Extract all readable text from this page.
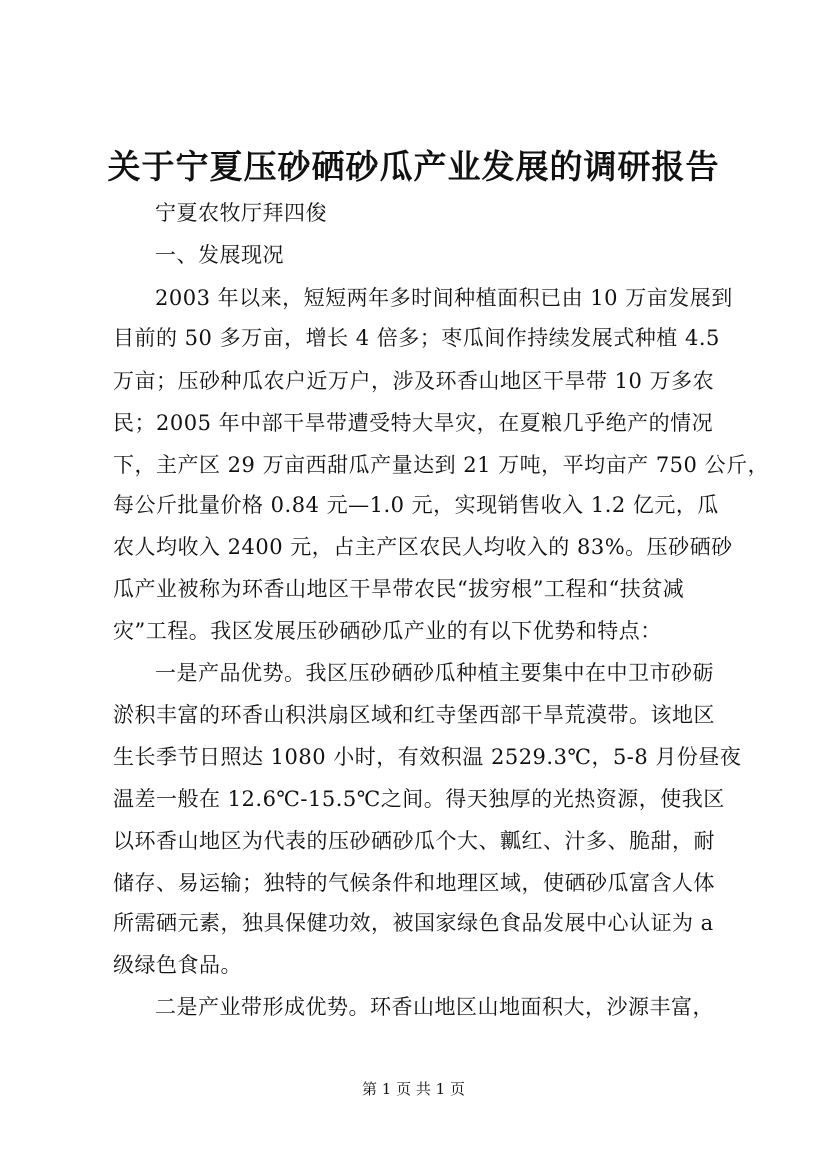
关于宁夏压砂硒砂瓜产业发展的调研报告
宁夏农牧厅拜四俊
一、发展现况
2003 年以来，短短两年多时间种植面积已由 10 万亩发展到
目前的 50 多万亩，增长 4 倍多；枣瓜间作持续发展式种植 4.5
万亩；压砂种瓜农户近万户，涉及环香山地区干旱带 10 万多农
民；2005 年中部干旱带遭受特大旱灾，在夏粮几乎绝产的情况
下，主产区 29 万亩西甜瓜产量达到 21 万吨，平均亩产 750 公斤，
每公斤批量价格 0.84 元—1.0 元，实现销售收入 1.2 亿元，瓜
农人均收入 2400 元，占主产区农民人均收入的 83%。压砂硒砂
瓜产业被称为环香山地区干旱带农民“拔穷根”工程和“扶贫减
灾”工程。我区发展压砂硒砂瓜产业的有以下优势和特点：
一是产品优势。我区压砂硒砂瓜种植主要集中在中卫市砂砺
淤积丰富的环香山积洪扇区域和红寺堡西部干旱荒漠带。该地区
生长季节日照达 1080 小时，有效积温 2529.3℃，5-8 月份昼夜
温差一般在 12.6℃-15.5℃之间。得天独厚的光热资源，使我区
以环香山地区为代表的压砂硒砂瓜个大、瓤红、汁多、脆甜，耐
储存、易运输；独特的气候条件和地理区域，使硒砂瓜富含人体
所需硒元素，独具保健功效，被国家绿色食品发展中心认证为 a
级绿色食品。
二是产业带形成优势。环香山地区山地面积大，沙源丰富，
第 1 页 共 1 页
